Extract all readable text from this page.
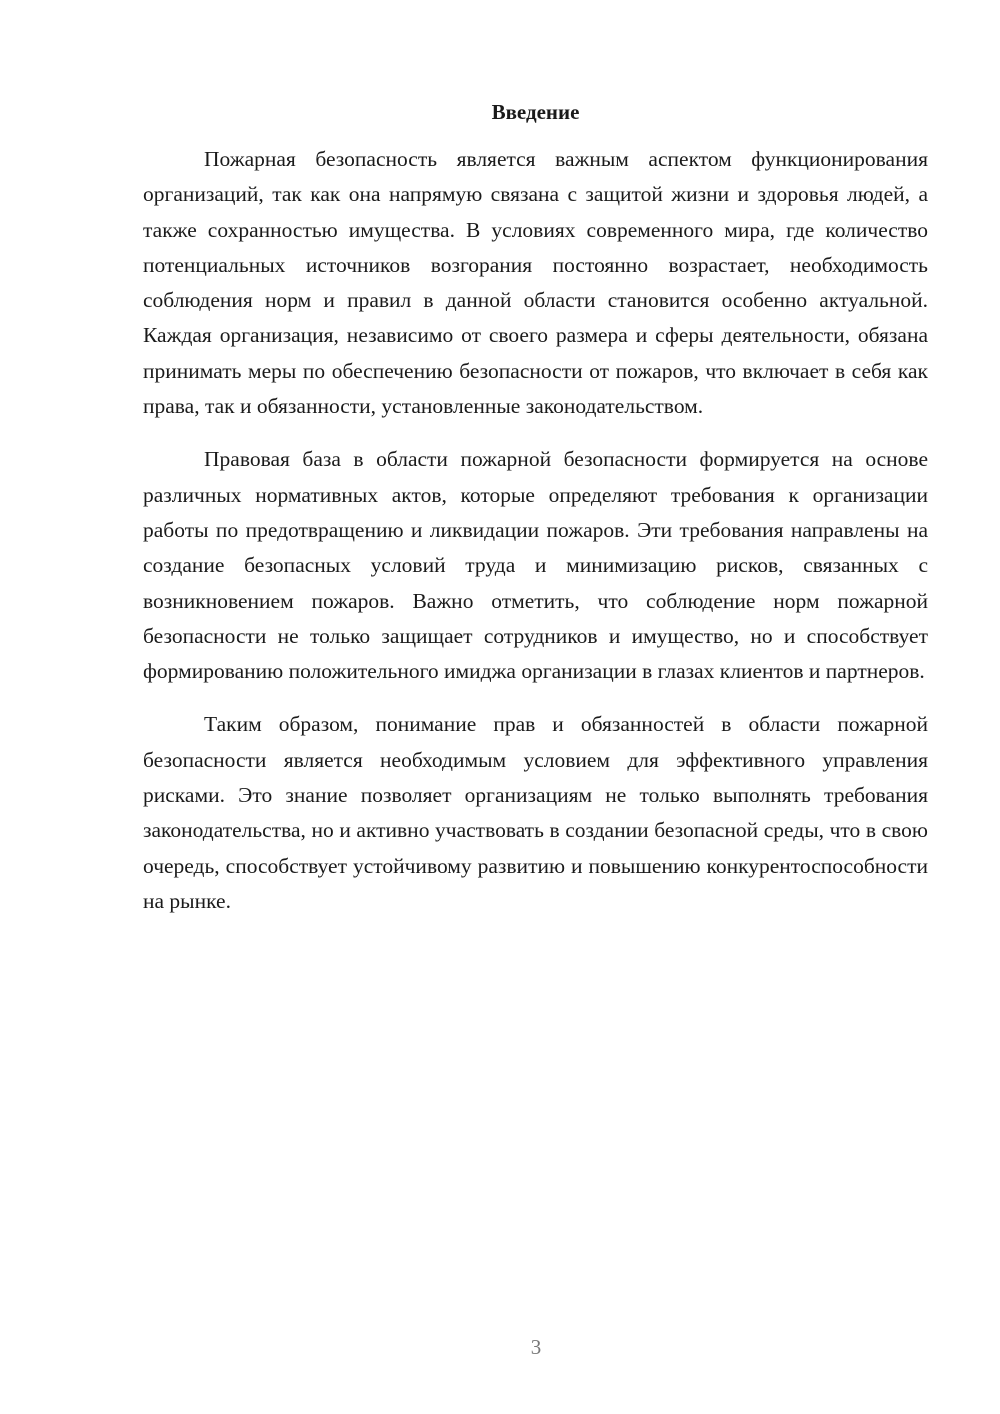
Введение

Пожарная безопасность является важным аспектом функционирования организаций, так как она напрямую связана с защитой жизни и здоровья людей, а также сохранностью имущества. В условиях современного мира, где количество потенциальных источников возгорания постоянно возрастает, необходимость соблюдения норм и правил в данной области становится особенно актуальной. Каждая организация, независимо от своего размера и сферы деятельности, обязана принимать меры по обеспечению безопасности от пожаров, что включает в себя как права, так и обязанности, установленные законодательством.

Правовая база в области пожарной безопасности формируется на основе различных нормативных актов, которые определяют требования к организации работы по предотвращению и ликвидации пожаров. Эти требования направлены на создание безопасных условий труда и минимизацию рисков, связанных с возникновением пожаров. Важно отметить, что соблюдение норм пожарной безопасности не только защищает сотрудников и имущество, но и способствует формированию положительного имиджа организации в глазах клиентов и партнеров.

Таким образом, понимание прав и обязанностей в области пожарной безопасности является необходимым условием для эффективного управления рисками. Это знание позволяет организациям не только выполнять требования законодательства, но и активно участвовать в создании безопасной среды, что в свою очередь, способствует устойчивому развитию и повышению конкурентоспособности на рынке.

3
